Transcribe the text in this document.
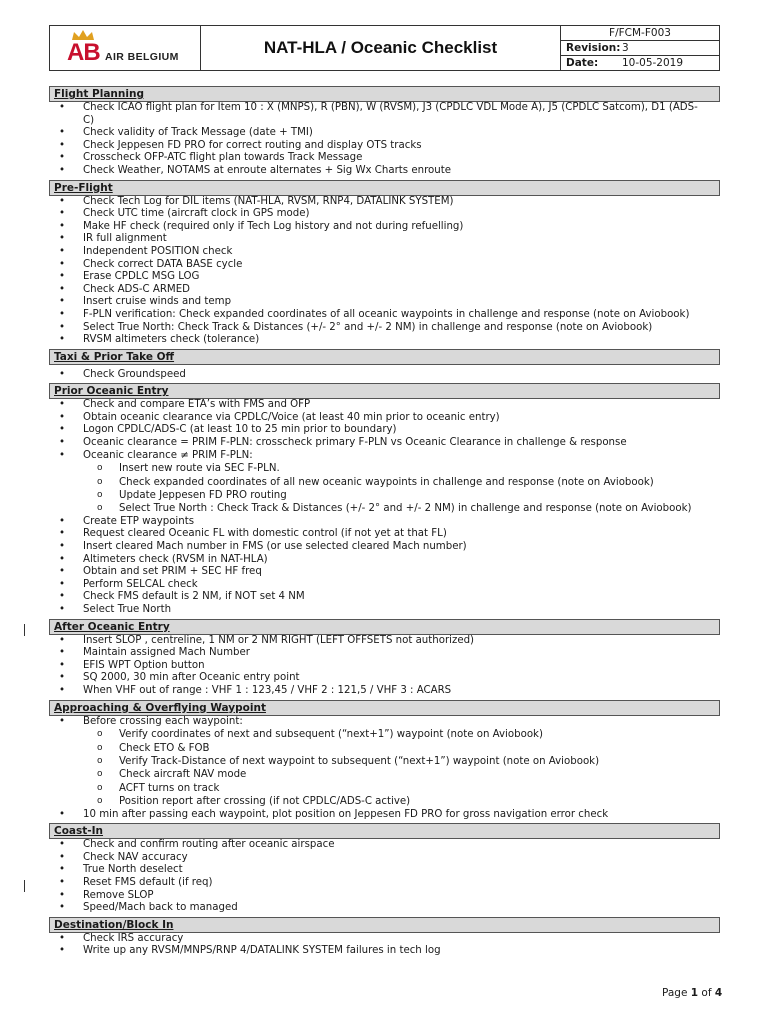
AB AIR BELGIUM	NAT-HLA / Oceanic Checklist
F/FCM-F003
Revision: 3
Date:	10-05-2019
Flight Planning
• Check ICAO flight plan for Item 10 : X (MNPS), R (PBN), W (RVSM), J3 (CPDLC VDL Mode A), J5 (CPDLC Satcom), D1 (ADS-C)
• Check validity of Track Message (date + TMI)
• Check Jeppesen FD PRO for correct routing and display OTS tracks
• Crosscheck OFP-ATC flight plan towards Track Message
• Check Weather, NOTAMS at enroute alternates + Sig Wx Charts enroute
Pre-Flight
• Check Tech Log for DIL items (NAT-HLA, RVSM, RNP4, DATALINK SYSTEM)
• Check UTC time (aircraft clock in GPS mode)
• Make HF check (required only if Tech Log history and not during refuelling)
• IR full alignment
• Independent POSITION check
• Check correct DATA BASE cycle
• Erase CPDLC MSG LOG
• Check ADS-C ARMED
• Insert cruise winds and temp
• F-PLN verification: Check expanded coordinates of all oceanic waypoints in challenge and response (note on Aviobook)
• Select True North: Check Track & Distances (+/- 2° and +/- 2 NM) in challenge and response (note on Aviobook)
• RVSM altimeters check (tolerance)
Taxi & Prior Take Off
• Check Groundspeed
Prior Oceanic Entry
• Check and compare ETA’s with FMS and OFP
• Obtain oceanic clearance via CPDLC/Voice (at least 40 min prior to oceanic entry)
• Logon CPDLC/ADS-C (at least 10 to 25 min prior to boundary)
• Oceanic clearance = PRIM F-PLN: crosscheck primary F-PLN vs Oceanic Clearance in challenge & response
• Oceanic clearance ≠ PRIM F-PLN:
o Insert new route via SEC F-PLN.
o Check expanded coordinates of all new oceanic waypoints in challenge and response (note on Aviobook)
o Update Jeppesen FD PRO routing
o Select True North : Check Track & Distances (+/- 2° and +/- 2 NM) in challenge and response (note on Aviobook)
• Create ETP waypoints
• Request cleared Oceanic FL with domestic control (if not yet at that FL)
• Insert cleared Mach number in FMS (or use selected cleared Mach number)
• Altimeters check (RVSM in NAT-HLA)
• Obtain and set PRIM + SEC HF freq
• Perform SELCAL check
• Check FMS default is 2 NM, if NOT set 4 NM
• Select True North
After Oceanic Entry
• Insert SLOP , centreline, 1 NM or 2 NM RIGHT (LEFT OFFSETS not authorized)
• Maintain assigned Mach Number
• EFIS WPT Option button
• SQ 2000, 30 min after Oceanic entry point
• When VHF out of range : VHF 1 : 123,45 / VHF 2 : 121,5 / VHF 3 : ACARS
Approaching & Overflying Waypoint
• Before crossing each waypoint:
o Verify coordinates of next and subsequent (“next+1”) waypoint (note on Aviobook)
o Check ETO & FOB
o Verify Track-Distance of next waypoint to subsequent (“next+1”) waypoint (note on Aviobook)
o Check aircraft NAV mode
o ACFT turns on track
o Position report after crossing (if not CPDLC/ADS-C active)
• 10 min after passing each waypoint, plot position on Jeppesen FD PRO for gross navigation error check
Coast-In
• Check and confirm routing after oceanic airspace
• Check NAV accuracy
• True North deselect
• Reset FMS default (if req)
• Remove SLOP
• Speed/Mach back to managed
Destination/Block In
• Check IRS accuracy
• Write up any RVSM/MNPS/RNP 4/DATALINK SYSTEM failures in tech log
Page 1 of 4
